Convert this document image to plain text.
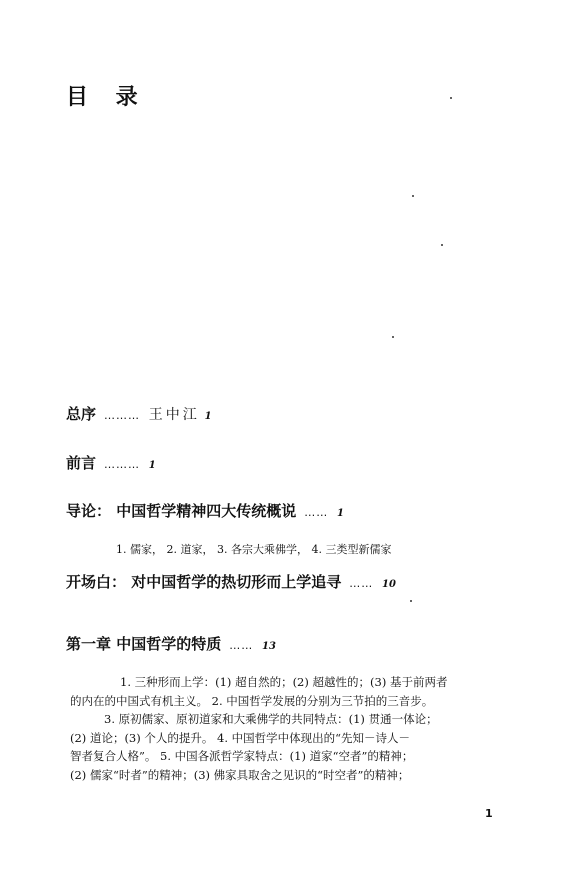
目 录
总序 ……… 王中江 1
前言 ……… 1
导论： 中国哲学精神四大传统概说 …… 1
1. 儒家， 2. 道家， 3. 各宗大乘佛学， 4. 三类型新儒家
开场白： 对中国哲学的热切形而上学追寻 …… 10
第一章 中国哲学的特质 …… 13
1. 三种形而上学：(1) 超自然的；(2) 超越性的；(3) 基于前两者
的内在的中国式有机主义。 2. 中国哲学发展的分别为三节拍的三音步。
3. 原初儒家、原初道家和大乘佛学的共同特点：(1) 贯通一体论；
(2) 道论；(3) 个人的提升。 4. 中国哲学中体现出的“先知－诗人－
智者复合人格”。 5. 中国各派哲学家特点：(1) 道家“空者”的精神；
(2) 儒家“时者”的精神；(3) 佛家具取舍之见识的“时空者”的精神；
1
